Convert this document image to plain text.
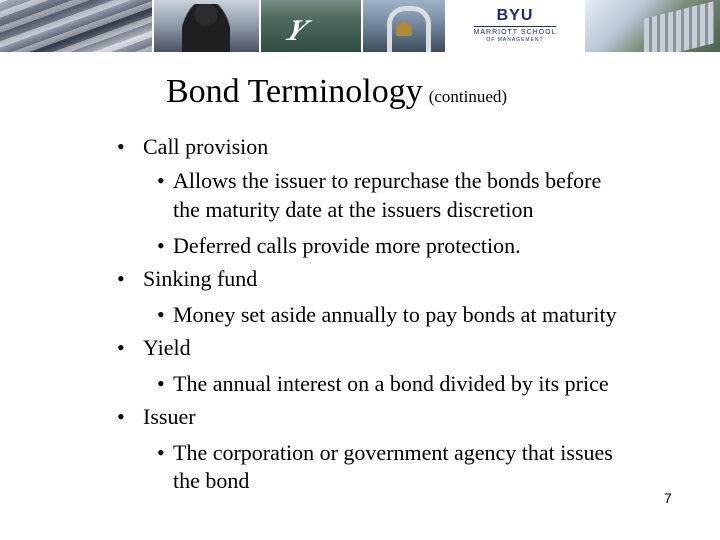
Y	BYU
MARRIOTT SCHOOL
OF MANAGEMENT
Bond Terminology (continued)
• Call provision
• Allows the issuer to repurchase the bonds before
the maturity date at the issuers discretion
• Deferred calls provide more protection.
• Sinking fund
• Money set aside annually to pay bonds at maturity
• Yield
• The annual interest on a bond divided by its price
• Issuer
• The corporation or government agency that issues
the bond
7
